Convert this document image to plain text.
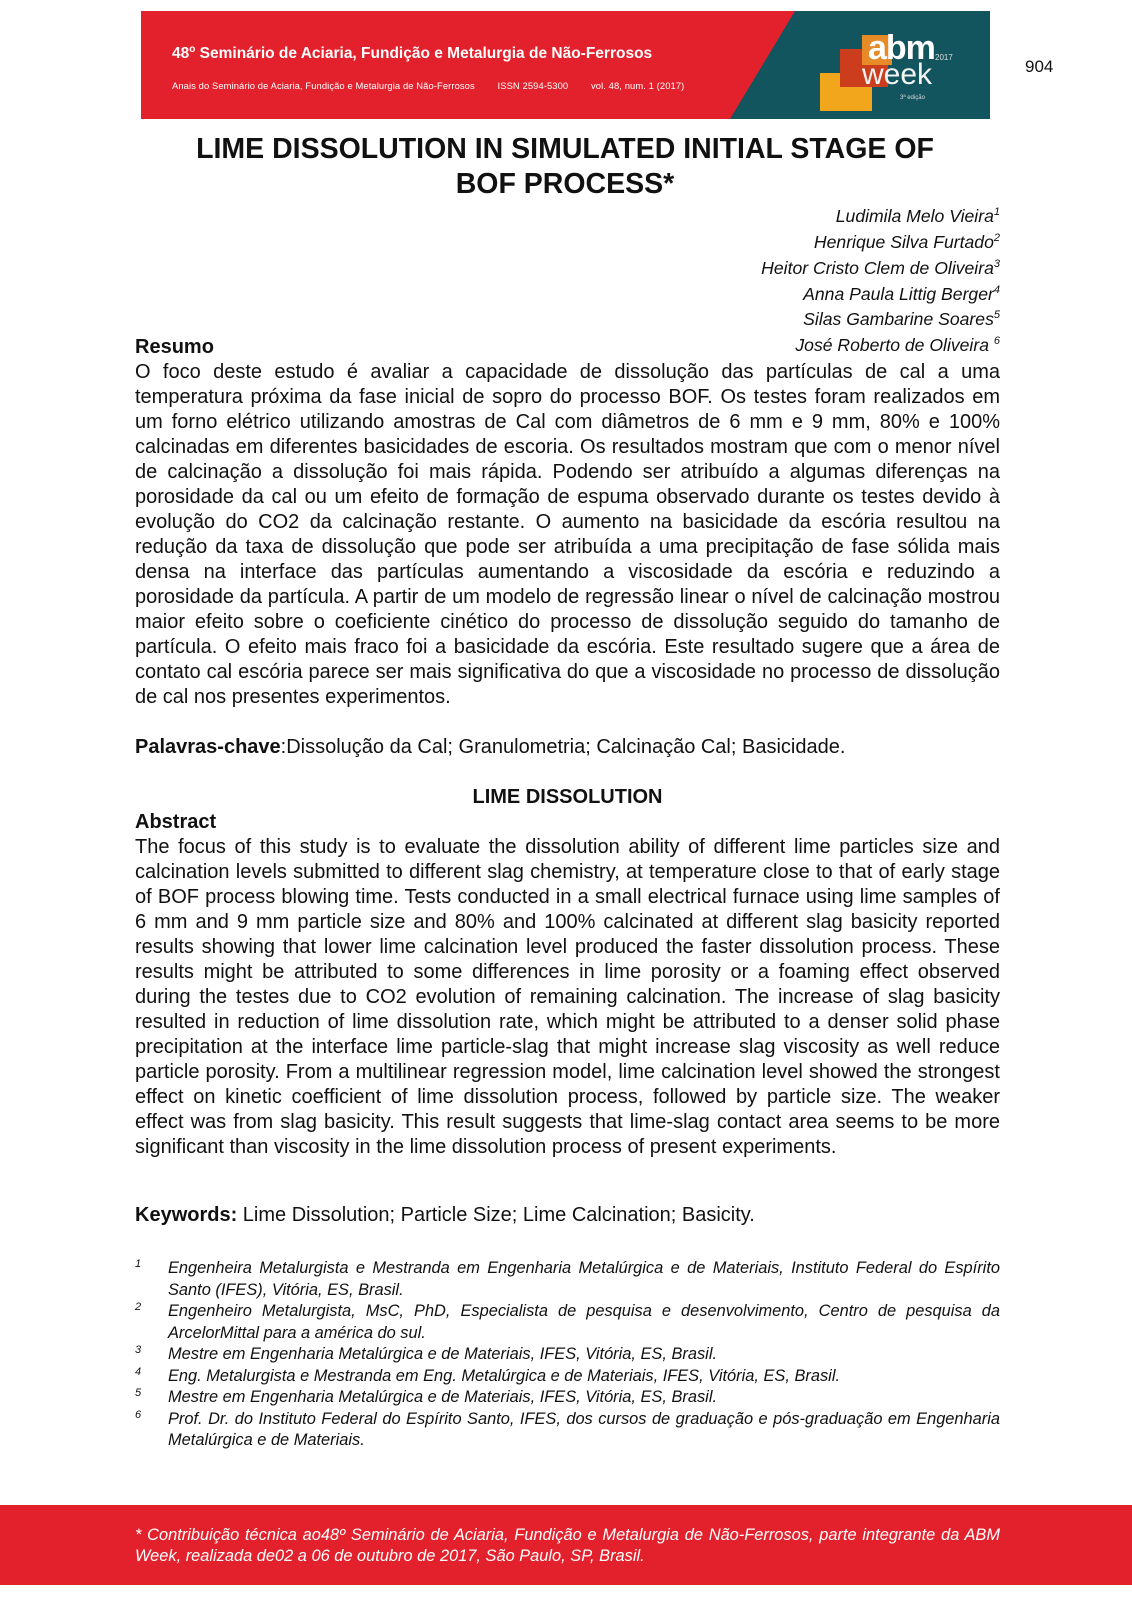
48$^o$ Seminário de Aciaria, Fundição e Metalurgia de Não-Ferrosos
Anais do Seminário de Aciaria, Fundição e Metalurgia de Não-Ferrosos ISSN 2594-5300 vol. 48, num. 1 (2017)
abm
week
2017
3ª edição
904
LIME DISSOLUTION IN SIMULATED INITIAL STAGE OF
BOF PROCESS*
Ludimila Melo Vieira$^1$
Henrique Silva Furtado$^2$
Heitor Cristo Clem de Oliveira$^3$
Anna Paula Littig Berger$^4$
Silas Gambarine Soares$^5$
José Roberto de Oliveira $^6$

Resumo

O foco deste estudo é avaliar a capacidade de dissolução das partículas de cal a uma temperatura próxima da fase inicial de sopro do processo BOF. Os testes foram realizados em um forno elétrico utilizando amostras de Cal com diâmetros de 6 mm e 9 mm, 80% e 100% calcinadas em diferentes basicidades de escoria. Os resultados mostram que com o menor nível de calcinação a dissolução foi mais rápida. Podendo ser atribuído a algumas diferenças na porosidade da cal ou um efeito de formação de espuma observado durante os testes devido à evolução do CO2 da calcinação restante. O aumento na basicidade da escória resultou na redução da taxa de dissolução que pode ser atribuída a uma precipitação de fase sólida mais densa na interface das partículas aumentando a viscosidade da escória e reduzindo a porosidade da partícula. A partir de um modelo de regressão linear o nível de calcinação mostrou maior efeito sobre o coeficiente cinético do processo de dissolução seguido do tamanho de partícula. O efeito mais fraco foi a basicidade da escória. Este resultado sugere que a área de contato cal escória parece ser mais significativa do que a viscosidade no processo de dissolução de cal nos presentes experimentos.

Palavras-chave:Dissolução da Cal; Granulometria; Calcinação Cal; Basicidade.

LIME DISSOLUTION

Abstract

The focus of this study is to evaluate the dissolution ability of different lime particles size and calcination levels submitted to different slag chemistry, at temperature close to that of early stage of BOF process blowing time. Tests conducted in a small electrical furnace using lime samples of 6 mm and 9 mm particle size and 80% and 100% calcinated at different slag basicity reported results showing that lower lime calcination level produced the faster dissolution process. These results might be attributed to some differences in lime porosity or a foaming effect observed during the testes due to CO2 evolution of remaining calcination. The increase of slag basicity resulted in reduction of lime dissolution rate, which might be attributed to a denser solid phase precipitation at the interface lime particle-slag that might increase slag viscosity as well reduce particle porosity. From a multilinear regression model, lime calcination level showed the strongest effect on kinetic coefficient of lime dissolution process, followed by particle size. The weaker effect was from slag basicity. This result suggests that lime-slag contact area seems to be more significant than viscosity in the lime dissolution process of present experiments.

Keywords: Lime Dissolution; Particle Size; Lime Calcination; Basicity.

1 Engenheira Metalurgista e Mestranda em Engenharia Metalúrgica e de Materiais, Instituto Federal do Espírito Santo (IFES), Vitória, ES, Brasil.
2 Engenheiro Metalurgista, MsC, PhD, Especialista de pesquisa e desenvolvimento, Centro de pesquisa da ArcelorMittal para a américa do sul.
3 Mestre em Engenharia Metalúrgica e de Materiais, IFES, Vitória, ES, Brasil.
4 Eng. Metalurgista e Mestranda em Eng. Metalúrgica e de Materiais, IFES, Vitória, ES, Brasil.
5 Mestre em Engenharia Metalúrgica e de Materiais, IFES, Vitória, ES, Brasil.
6 Prof. Dr. do Instituto Federal do Espírito Santo, IFES, dos cursos de graduação e pós-graduação em Engenharia Metalúrgica e de Materiais.
* Contribuição técnica ao48º Seminário de Aciaria, Fundição e Metalurgia de Não-Ferrosos, parte integrante da ABM Week, realizada de02 a 06 de outubro de 2017, São Paulo, SP, Brasil.
